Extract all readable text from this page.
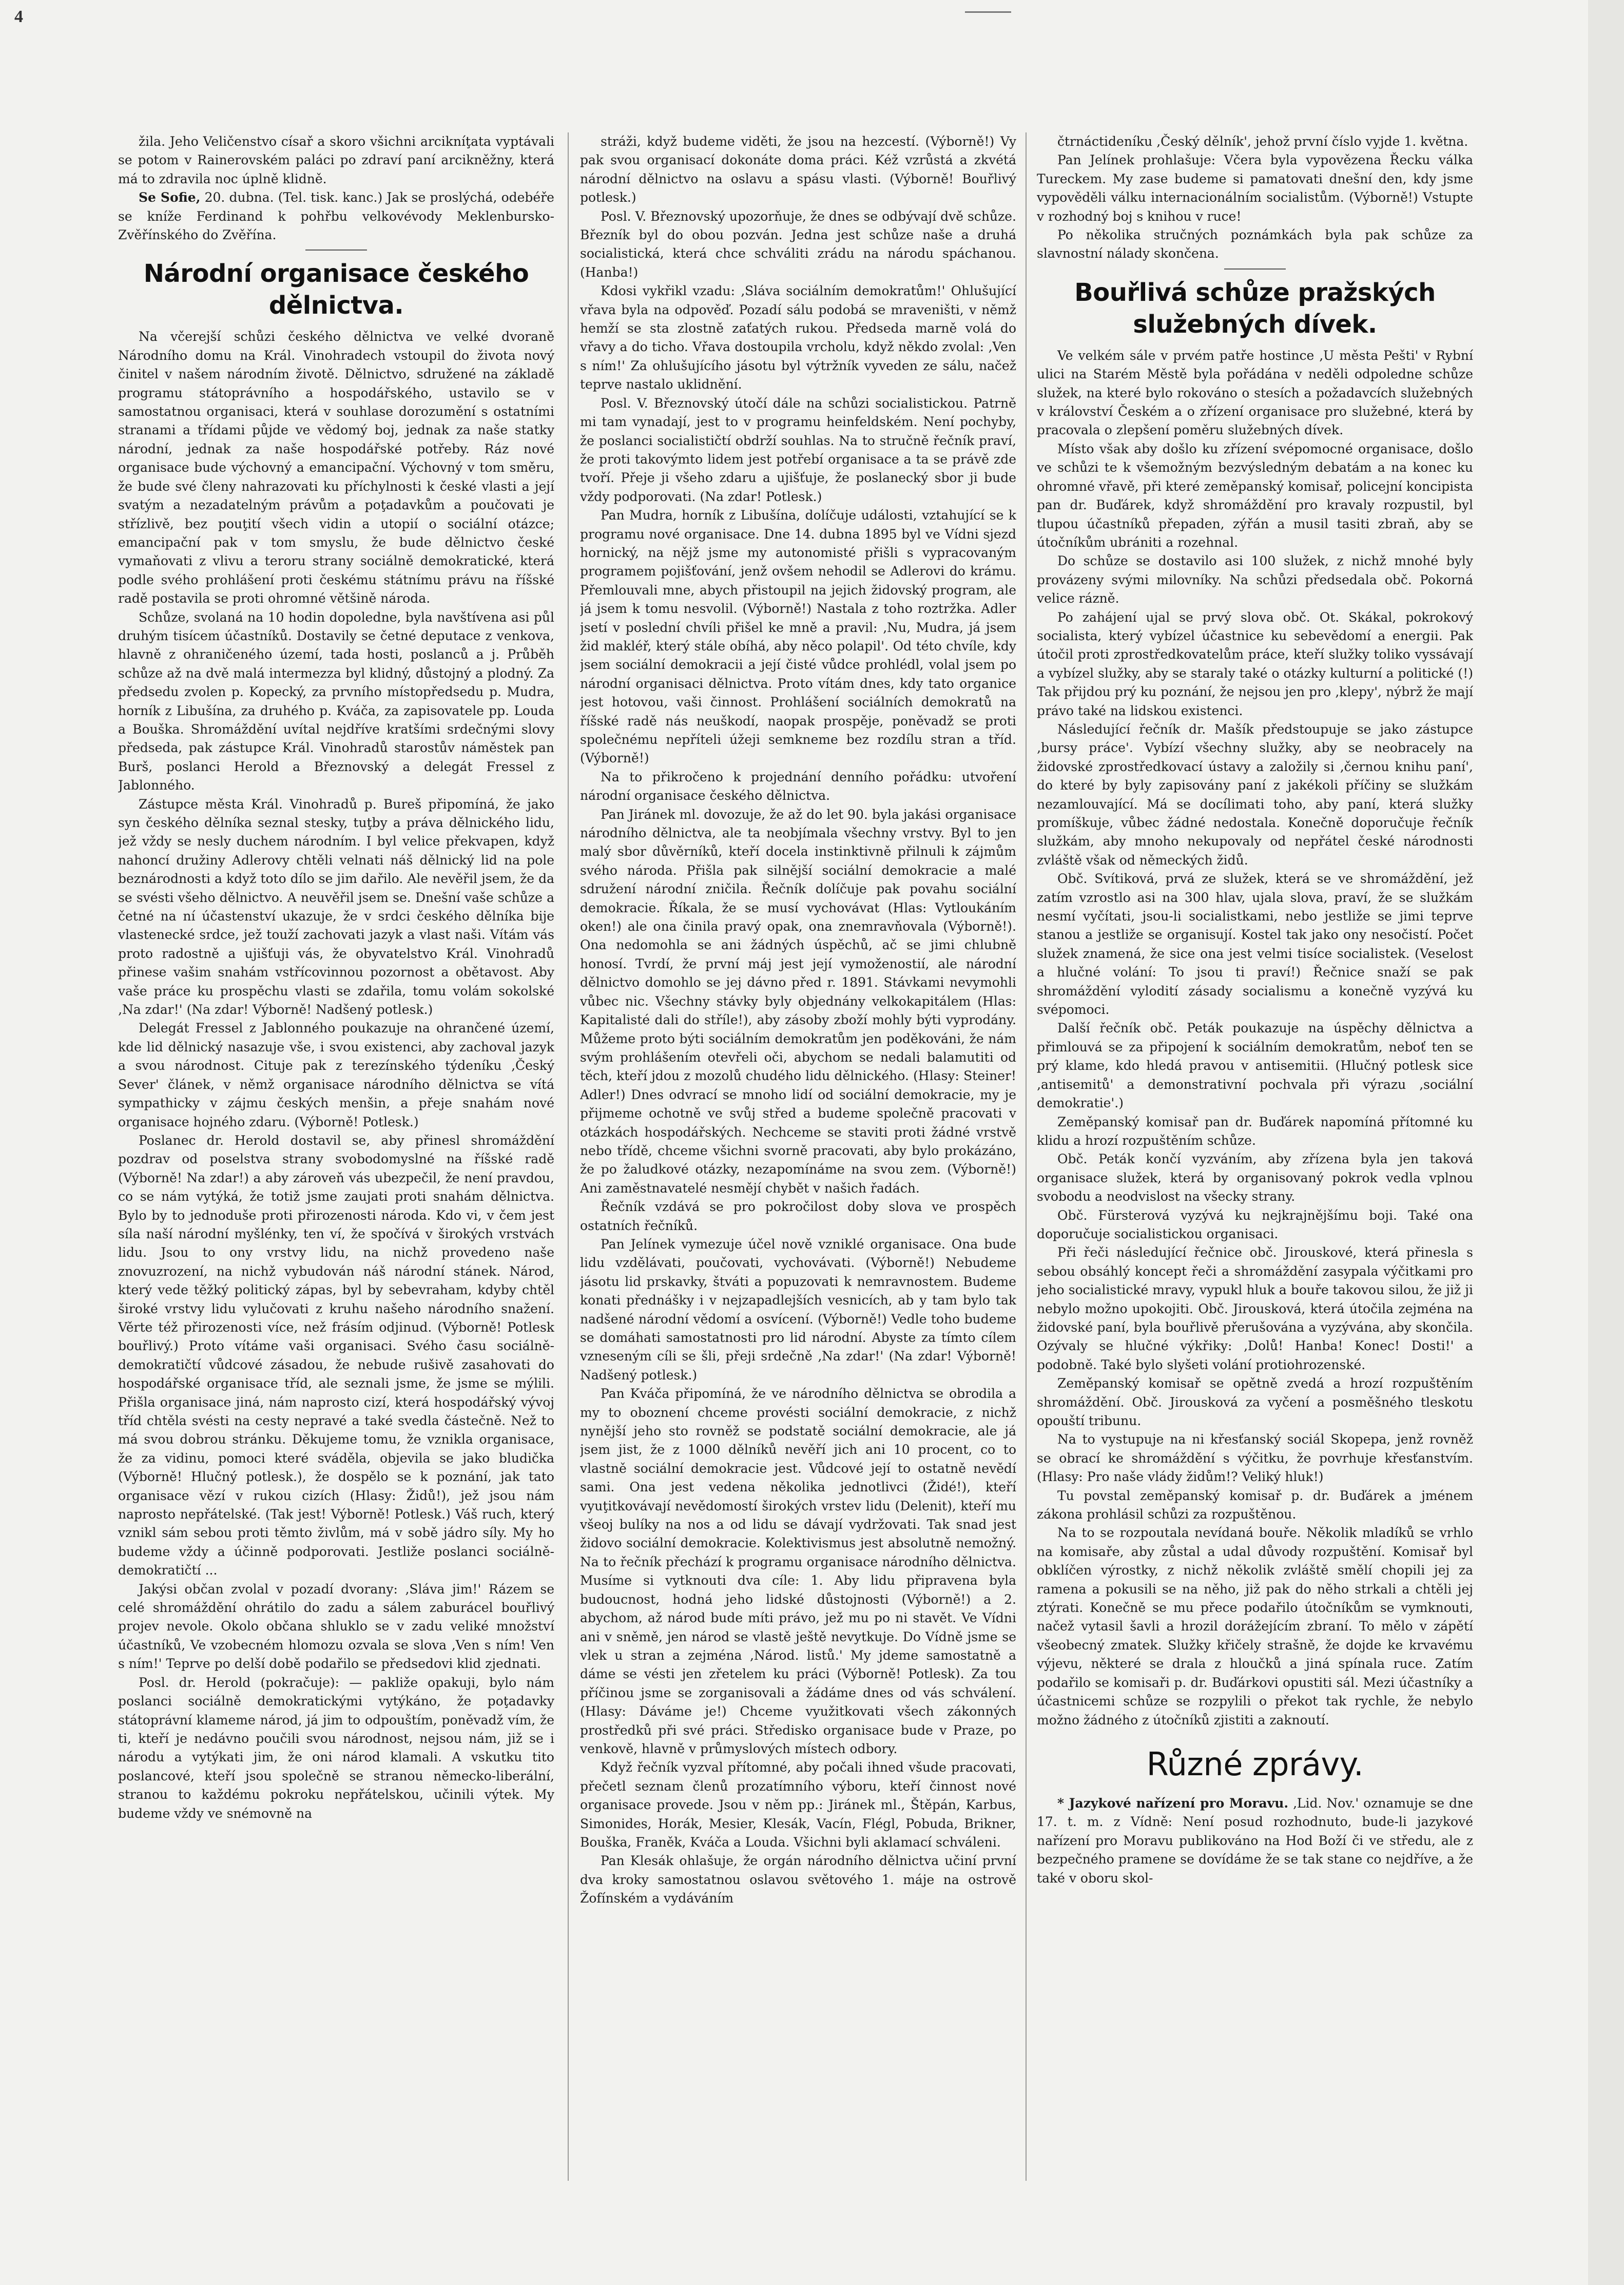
4

žila. Jeho Veličenstvo císař a skoro všichni arcikníţata vyptávali se potom v Rainerovském paláci po zdraví paní arcikněžny, která má to zdravila noc úplně klidně.

Se Sofie, 20. dubna. (Tel. tisk. kanc.) Jak se proslýchá, odebéře se kníže Ferdinand k pohřbu velkovévody Meklenbursko-Zvěřínského do Zvěřína.

Národní organisace českého dělnictva.

Na včerejší schůzi českého dělnictva ve velké dvoraně Národního domu na Král. Vinohradech vstoupil do života nový činitel v našem národním životě. Dělnictvo, sdružené na základě programu státoprávního a hospodářského, ustavilo se v samostatnou organisaci, která v souhlase dorozumění s ostatními stranami a třídami půjde ve vědomý boj, jednak za naše statky národní, jednak za naše hospodářské potřeby. Ráz nové organisace bude výchovný a emancipační. Výchovný v tom směru, že bude své členy nahrazovati ku příchylnosti k české vlasti a její svatým a nezadatelným právům a poţadavkům a poučovati je střízlivě, bez pouţití všech vidin a utopií o sociální otázce; emancipační pak v tom smyslu, že bude dělnictvo české vymaňovati z vlivu a teroru strany sociálně demokratické, která podle svého prohlášení proti českému státnímu právu na říšské radě postavila se proti ohromné většině národa.

Schůze, svolaná na 10 hodin dopoledne, byla navštívena asi půl druhým tisícem účastníků. Dostavily se četné deputace z venkova, hlavně z ohraničeného území, tada hosti, poslanců a j. Průběh schůze až na dvě malá intermezza byl klidný, důstojný a plodný. Za předsedu zvolen p. Kopecký, za prvního místopředsedu p. Mudra, horník z Libušína, za druhého p. Kváča, za zapisovatele pp. Louda a Bouška. Shromáždění uvítal nejdříve kratšími srdečnými slovy předseda, pak zástupce Král. Vinohradů starostův náměstek pan Burš, poslanci Herold a Březnovský a delegát Fressel z Jablonného.

Zástupce města Král. Vinohradů p. Bureš připomíná, že jako syn českého dělníka seznal stesky, tuţby a práva dělnického lidu, jež vždy se nesly duchem národním. I byl velice překvapen, když nahoncí družiny Adlerovy chtěli velnati náš dělnický lid na pole beznárodnosti a když toto dílo se jim dařilo. Ale nevěřil jsem, že da se svésti všeho dělnictvo. A neuvěřil jsem se. Dnešní vaše schůze a četné na ní účastenství ukazuje, že v srdci českého dělníka bije vlastenecké srdce, jež touží zachovati jazyk a vlast naši. Vítám vás proto radostně a ujišťuji vás, že obyvatelstvo Král. Vinohradů přinese vašim snahám vstřícovinnou pozornost a obětavost. Aby vaše práce ku prospěchu vlasti se zdařila, tomu volám sokolské ‚Na zdar!' (Na zdar! Výborně! Nadšený potlesk.)

Delegát Fressel z Jablonného poukazuje na ohrančené území, kde lid dělnický nasazuje vše, i svou existenci, aby zachoval jazyk a svou národnost. Cituje pak z terezínského týdeníku ‚Český Sever' článek, v němž organisace národního dělnictva se vítá sympathicky v zájmu českých menšin, a přeje snahám nové organisace hojného zdaru. (Výborně! Potlesk.)

Poslanec dr. Herold dostavil se, aby přinesl shromáždění pozdrav od poselstva strany svobodomyslné na říšské radě (Výborně! Na zdar!) a aby zároveň vás ubezpečil, že není pravdou, co se nám vytýká, že totiž jsme zaujati proti snahám dělnictva. Bylo by to jednoduše proti přirozenosti národa. Kdo vi, v čem jest síla naší národní myšlénky, ten ví, že spočívá v širokých vrstvách lidu. Jsou to ony vrstvy lidu, na nichž provedeno naše znovuzrození, na nichž vybudován náš národní stánek. Národ, který vede těžký politický zápas, byl by sebevraham, kdyby chtěl široké vrstvy lidu vylučovati z kruhu našeho národního snažení. Věrte též přirozenosti více, než frásím odjinud. (Výborně! Potlesk bouřlivý.) Proto vítáme vaši organisaci. Svého času sociálně-demokratičtí vůdcové zásadou, že nebude rušivě zasahovati do hospodářské organisace tříd, ale seznali jsme, že jsme se mýlili. Přišla organisace jiná, nám naprosto cizí, která hospodářský vývoj tříd chtěla svésti na cesty nepravé a také svedla částečně. Než to má svou dobrou stránku. Děkujeme tomu, že vznikla organisace, že za vidinu, pomoci které sváděla, objevila se jako bludička (Výborně! Hlučný potlesk.), že dospělo se k poznání, jak tato organisace vězí v rukou cizích (Hlasy: Židů!), jež jsou nám naprosto nepřátelské. (Tak jest! Výborně! Potlesk.) Váš ruch, který vznikl sám sebou proti těmto živlům, má v sobě jádro síly. My ho budeme vždy a účinně podporovati. Jestliže poslanci sociálně-demokratičtí ...

Jakýsi občan zvolal v pozadí dvorany: ‚Sláva jim!' Rázem se celé shromáždění ohrátilo do zadu a sálem zaburácel bouřlivý projev nevole. Okolo občana shluklo se v zadu veliké množství účastníků, Ve vzobecném hlomozu ozvala se slova ‚Ven s ním! Ven s ním!' Teprve po delší době podařilo se předsedovi klid zjednati.

Posl. dr. Herold (pokračuje): — pakliže opakuji, bylo nám poslanci sociálně demokratickými vytýkáno, že poţadavky státoprávní klameme národ, já jim to odpouštím, poněvadž vím, že ti, kteří je nedávno poučili svou národnost, nejsou nám, již se i národu a vytýkati jim, že oni národ klamali. A vskutku tito poslancové, kteří jsou společně se stranou německo-liberální, stranou to každému pokroku nepřátelskou, učinili výtek. My budeme vždy ve snémovně na

stráži, když budeme viděti, že jsou na hezcestí. (Výborně!) Vy pak svou organisací dokonáte doma práci. Kéž vzrůstá a zkvétá národní dělnictvo na oslavu a spásu vlasti. (Výborně! Bouřlivý potlesk.)

Posl. V. Březnovský upozorňuje, že dnes se odbývají dvě schůze. Březník byl do obou pozván. Jedna jest schůze naše a druhá socialistická, která chce schváliti zrádu na národu spáchanou. (Hanba!)

Kdosi vykřikl vzadu: ‚Sláva sociálním demokratům!' Ohlušující vřava byla na odpověď. Pozadí sálu podobá se mraveništi, v němž hemží se sta zlostně zaťatých rukou. Předseda marně volá do vřavy a do ticho. Vřava dostoupila vrcholu, když někdo zvolal: ‚Ven s ním!' Za ohlušujícího jásotu byl výtržník vyveden ze sálu, načež teprve nastalo uklidnění.

Posl. V. Březnovský útočí dále na schůzi socialistickou. Patrně mi tam vynadají, jest to v programu heinfeldském. Není pochyby, že poslanci socialističtí obdrží souhlas. Na to stručně řečník praví, že proti takovýmto lidem jest potřebí organisace a ta se právě zde tvoří. Přeje ji všeho zdaru a ujišťuje, že poslanecký sbor ji bude vždy podporovati. (Na zdar! Potlesk.)

Pan Mudra, horník z Libušína, dolíčuje události, vztahující se k programu nové organisace. Dne 14. dubna 1895 byl ve Vídni sjezd hornický, na nějž jsme my autonomisté přišli s vypracovaným programem pojišťování, jenž ovšem nehodil se Adlerovi do krámu. Přemlouvali mne, abych přistoupil na jejich židovský program, ale já jsem k tomu nesvolil. (Výborně!) Nastala z toho roztržka. Adler jsetí v poslední chvíli přišel ke mně a pravil: ‚Nu, Mudra, já jsem žid makléř, který stále obíhá, aby něco polapil'. Od této chvíle, kdy jsem sociální demokracii a její čisté vůdce prohlédl, volal jsem po národní organisaci dělnictva. Proto vítám dnes, kdy tato organice jest hotovou, vaši činnost. Prohlášení sociálních demokratů na říšské radě nás neuškodí, naopak prospěje, poněvadž se proti společnému nepříteli úžeji semkneme bez rozdílu stran a tříd. (Výborně!)

Na to přikročeno k projednání denního pořádku: utvoření národní organisace českého dělnictva.

Pan Jiránek ml. dovozuje, že až do let 90. byla jakási organisace národního dělnictva, ale ta neobjímala všechny vrstvy. Byl to jen malý sbor důvěrníků, kteří docela instinktivně přilnuli k zájmům svého národa. Přišla pak silnější sociální demokracie a malé sdružení národní zničila. Řečník dolíčuje pak povahu sociální demokracie. Říkala, že se musí vychovávat (Hlas: Vytloukáním oken!) ale ona činila pravý opak, ona znemravňovala (Výborně!). Ona nedomohla se ani žádných úspěchů, ač se jimi chlubně honosí. Tvrdí, že první máj jest její vymoženostií, ale národní dělnictvo domohlo se jej dávno před r. 1891. Stávkami nevymohli vůbec nic. Všechny stávky byly objednány velkokapitálem (Hlas: Kapitalisté dali do stříle!), aby zásoby zboží mohly býti vyprodány. Můžeme proto býti sociálním demokratům jen poděkováni, že nám svým prohlášením otevřeli oči, abychom se nedali balamutiti od těch, kteří jdou z mozolů chudého lidu dělnického. (Hlasy: Steiner! Adler!) Dnes odvrací se mnoho lidí od sociální demokracie, my je přijmeme ochotně ve svůj střed a budeme společně pracovati v otázkách hospodářských. Nechceme se staviti proti žádné vrstvě nebo třídě, chceme všichni svorně pracovati, aby bylo prokázáno, že po žaludkové otázky, nezapomínáme na svou zem. (Výborně!) Ani zaměstnavatelé nesmějí chybět v našich řadách.

Řečník vzdává se pro pokročilost doby slova ve prospěch ostatních řečníků.

Pan Jelínek vymezuje účel nově vzniklé organisace. Ona bude lidu vzdělávati, poučovati, vychovávati. (Výborně!) Nebudeme jásotu lid prskavky, štváti a popuzovati k nemravnostem. Budeme konati přednášky i v nejzapadlejších vesnicích, ab y tam bylo tak nadšené národní vědomí a osvícení. (Výborně!) Vedle toho budeme se domáhati samostatnosti pro lid národní. Abyste za tímto cílem vzneseným cíli se šli, přeji srdečně ‚Na zdar!' (Na zdar! Výborně! Nadšený potlesk.)

Pan Kváča připomíná, že ve národního dělnictva se obrodila a my to oboznení chceme provésti sociální demokracie, z nichž nynější jeho sto rovněž se podstatě sociální demokracie, ale já jsem jist, že z 1000 dělníků nevěří jich ani 10 procent, co to vlastně sociální demokracie jest. Vůdcové její to ostatně nevědí sami. Ona jest vedena několika jednotlivci (Židé!), kteří vyuţitkovávají nevědomostí širokých vrstev lidu (Delenit), kteří mu všeoj bulíky na nos a od lidu se dávají vydržovati. Tak snad jest židovo sociální demokracie. Kolektivismus jest absolutně nemožný. Na to řečník přechází k programu organisace národního dělnictva. Musíme si vytknouti dva cíle: 1. Aby lidu připravena byla budoucnost, hodná jeho lidské důstojnosti (Výborně!) a 2. abychom, až národ bude míti právo, jež mu po ni stavět. Ve Vídni ani v sněmě, jen národ se vlastě ještě nevytkuje. Do Vídně jsme se vlek u stran a zejména ‚Národ. listů.' My jdeme samostatně a dáme se vésti jen zřetelem ku práci (Výborně! Potlesk). Za tou příčinou jsme se zorganisovali a žádáme dnes od vás schválení. (Hlasy: Dáváme je!) Chceme využitkovati všech zákonných prostředků při své práci. Středisko organisace bude v Praze, po venkově, hlavně v průmyslových místech odbory.

Když řečník vyzval přítomné, aby počali ihned všude pracovati, přečetl seznam členů prozatímního výboru, kteří činnost nové organisace provede. Jsou v něm pp.: Jiránek ml., Štěpán, Karbus, Simonides, Horák, Mesier, Klesák, Vacín, Flégl, Pobuda, Brikner, Bouška, Franěk, Kváča a Louda. Všichni byli aklamací schváleni.

Pan Klesák ohlašuje, že orgán národního dělnictva učiní první dva kroky samostatnou oslavou světového 1. máje na ostrově Žofínském a vydáváním

čtrnáctideníku ‚Český dělník', jehož první číslo vyjde 1. května.

Pan Jelínek prohlašuje: Včera byla vypovězena Řecku válka Tureckem. My zase budeme si pamatovati dnešní den, kdy jsme vypověděli válku internacionálním socialistům. (Výborně!) Vstupte v rozhodný boj s knihou v ruce!

Po několika stručných poznámkách byla pak schůze za slavnostní nálady skončena.

Bouřlivá schůze pražských služebných dívek.

Ve velkém sále v prvém patře hostince ‚U města Pešti' v Rybní ulici na Starém Městě byla pořádána v neděli odpoledne schůze služek, na které bylo rokováno o stesích a požadavcích služebných v království Českém a o zřízení organisace pro služebné, která by pracovala o zlepšení poměru služebných dívek.

Místo však aby došlo ku zřízení svépomocné organisace, došlo ve schůzi te k všemožným bezvýsledným debatám a na konec ku ohromné vřavě, při které zeměpanský komisař, policejní koncipista pan dr. Buďárek, když shromáždění pro kravaly rozpustil, byl tlupou účastníků přepaden, zýřán a musil tasiti zbraň, aby se útočníkům ubrániti a rozehnal.

Do schůze se dostavilo asi 100 služek, z nichž mnohé byly provázeny svými milovníky. Na schůzi předsedala obč. Pokorná velice rázně.

Po zahájení ujal se prvý slova obč. Ot. Skákal, pokrokový socialista, který vybízel účastnice ku sebevědomí a energii. Pak útočil proti zprostředkovatelům práce, kteří služky toliko vyssávají a vybízel služky, aby se staraly také o otázky kulturní a politické (!) Tak přijdou prý ku poznání, že nejsou jen pro ‚klepy', nýbrž že mají právo také na lidskou existenci.

Následující řečník dr. Mašík předstoupuje se jako zástupce ‚bursy práce'. Vybízí všechny služky, aby se neobracely na židovské zprostředkovací ústavy a založily si ‚černou knihu paní', do které by byly zapisovány paní z jakékoli příčiny se služkám nezamlouvající. Má se docílimati toho, aby paní, která služky promíškuje, vůbec žádné nedostala. Konečně doporučuje řečník služkám, aby mnoho nekupovaly od nepřátel české národnosti zvláště však od německých židů.

Obč. Svítiková, prvá ze služek, která se ve shromáždění, jež zatím vzrostlo asi na 300 hlav, ujala slova, praví, že se služkám nesmí vyčítati, jsou-li socialistkami, nebo jestliže se jimi teprve stanou a jestliže se organisují. Kostel tak jako ony nesočistí. Počet služek znamená, že sice ona jest velmi tisíce socialistek. (Veselost a hlučné volání: To jsou ti praví!) Řečnice snaží se pak shromáždění vylodití zásady socialismu a konečně vyzývá ku svépomoci.

Další řečník obč. Peták poukazuje na úspěchy dělnictva a přimlouvá se za připojení k sociálním demokratům, neboť ten se prý klame, kdo hledá pravou v antisemitii. (Hlučný potlesk sice ‚antisemitů' a demonstrativní pochvala při výrazu ‚sociální demokratie'.)

Zeměpanský komisař pan dr. Buďárek napomíná přítomné ku klidu a hrozí rozpuštěním schůze.

Obč. Peták končí vyzváním, aby zřízena byla jen taková organisace služek, která by organisovaný pokrok vedla vplnou svobodu a neodvislost na všecky strany.

Obč. Fürsterová vyzývá ku nejkrajnějšímu boji. Také ona doporučuje socialistickou organisaci.

Při řeči následující řečnice obč. Jirouskové, která přinesla s sebou obsáhlý koncept řeči a shromáždění zasypala výčitkami pro jeho socialistické mravy, vypukl hluk a bouře takovou silou, že již ji nebylo možno upokojiti. Obč. Jirousková, která útočila zejména na židovské paní, byla bouřlivě přerušována a vyzývána, aby skončila. Ozývaly se hlučné výkřiky: ‚Dolů! Hanba! Konec! Dosti!' a podobně. Také bylo slyšeti volání protiohrozenské.

Zeměpanský komisař se opětně zvedá a hrozí rozpuštěním shromáždění. Obč. Jirousková za vyčení a posměšného tleskotu opouští tribunu.

Na to vystupuje na ni křesťanský sociál Skopepa, jenž rovněž se obrací ke shromáždění s výčitku, že povrhuje křesťanstvím. (Hlasy: Pro naše vlády židům!? Veliký hluk!)

Tu povstal zeměpanský komisař p. dr. Buďárek a jménem zákona prohlásil schůzi za rozpuštěnou.

Na to se rozpoutala nevídaná bouře. Několik mladíků se vrhlo na komisaře, aby zůstal a udal důvody rozpuštění. Komisař byl obklíčen výrostky, z nichž několik zvláště smělí chopili jej za ramena a pokusili se na něho, již pak do něho strkali a chtěli jej ztýrati. Konečně se mu přece podařilo útočníkům se vymknouti, načež vytasil šavli a hrozil dorážejícím zbraní. To mělo v zápětí všeobecný zmatek. Služky křičely strašně, že dojde ke krvavému výjevu, některé se drala z hloučků a jiná spínala ruce. Zatím podařilo se komisaři p. dr. Buďárkovi opustiti sál. Mezi účastníky a účastnicemi schůze se rozpylili o překot tak rychle, že nebylo možno žádného z útočníků zjistiti a zaknoutí.

Různé zprávy.

* Jazykové nařízení pro Moravu. ‚Lid. Nov.' oznamuje se dne 17. t. m. z Vídně: Není posud rozhodnuto, bude-li jazykové nařízení pro Moravu publikováno na Hod Boží či ve středu, ale z bezpečného pramene se dovídáme že se tak stane co nejdříve, a že také v oboru skol-
